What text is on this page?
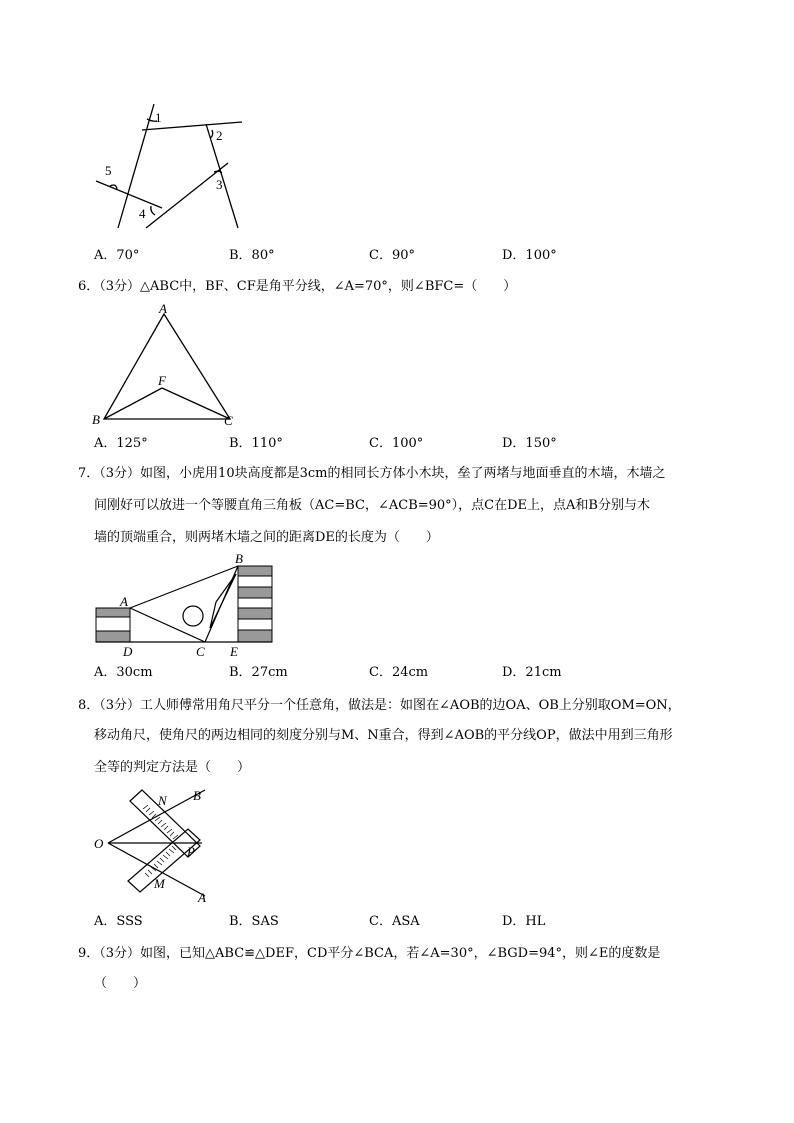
1
2
3
4
5
A．70°	B．80°	C．90°	D．100°
6．（3分）△ABC中，BF、CF是角平分线，∠A=70°，则∠BFC=（　　）
A
B	C
F
A．125°	B．110°	C．100°	D．150°
7．（3分）如图，小虎用10块高度都是3cm的相同长方体小木块，垒了两堵与地面垂直的木墙，木墙之
间刚好可以放进一个等腰直角三角板（AC=BC，∠ACB=90°），点C在DE上，点A和B分别与木
墙的顶端重合，则两堵木墙之间的距离DE的长度为（　　）
A
B
C
D	E
A．30cm	B．27cm	C．24cm	D．21cm
8．（3分）工人师傅常用角尺平分一个任意角，做法是：如图在∠AOB的边OA、OB上分别取OM=ON，
移动角尺，使角尺的两边相同的刻度分别与M、N重合，得到∠AOB的平分线OP，做法中用到三角形
全等的判定方法是（　　）
O
N B
P
M
A
A．SSS	B．SAS	C．ASA	D．HL
9．（3分）如图，已知△ABC≌△DEF，CD平分∠BCA，若∠A=30°，∠BGD=94°，则∠E的度数是
（　　）
